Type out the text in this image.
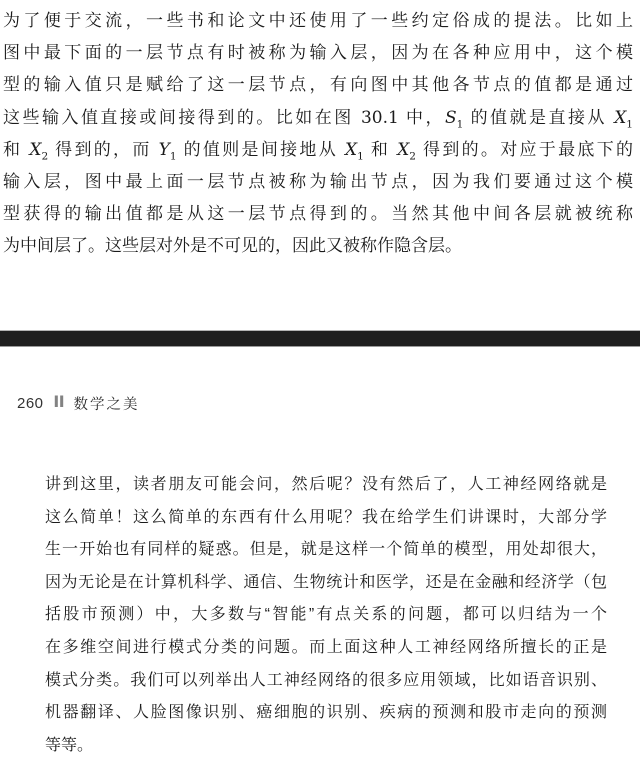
为了便于交流，一些书和论文中还使用了一些约定俗成的提法。比如上
图中最下面的一层节点有时被称为输入层，因为在各种应用中，这个模
型的输入值只是赋给了这一层节点，有向图中其他各节点的值都是通过
这些输入值直接或间接得到的。比如在图 30.1 中，$S_1$ 的值就是直接从 $X_1$
和 $X_2$ 得到的，而 $Y_1$ 的值则是间接地从 $X_1$ 和 $X_2$ 得到的。对应于最底下的
输入层，图中最上面一层节点被称为输出节点，因为我们要通过这个模
型获得的输出值都是从这一层节点得到的。当然其他中间各层就被统称
为中间层了。这些层对外是不可见的，因此又被称作隐含层。
260 ‖ 数学之美
讲到这里，读者朋友可能会问，然后呢？没有然后了，人工神经网络就是
这么简单！这么简单的东西有什么用呢？我在给学生们讲课时，大部分学
生一开始也有同样的疑惑。但是，就是这样一个简单的模型，用处却很大，
因为无论是在计算机科学、通信、生物统计和医学，还是在金融和经济学（包
括股市预测）中，大多数与“智能”有点关系的问题，都可以归结为一个
在多维空间进行模式分类的问题。而上面这种人工神经网络所擅长的正是
模式分类。我们可以列举出人工神经网络的很多应用领域，比如语音识别、
机器翻译、人脸图像识别、癌细胞的识别、疾病的预测和股市走向的预测
等等。
